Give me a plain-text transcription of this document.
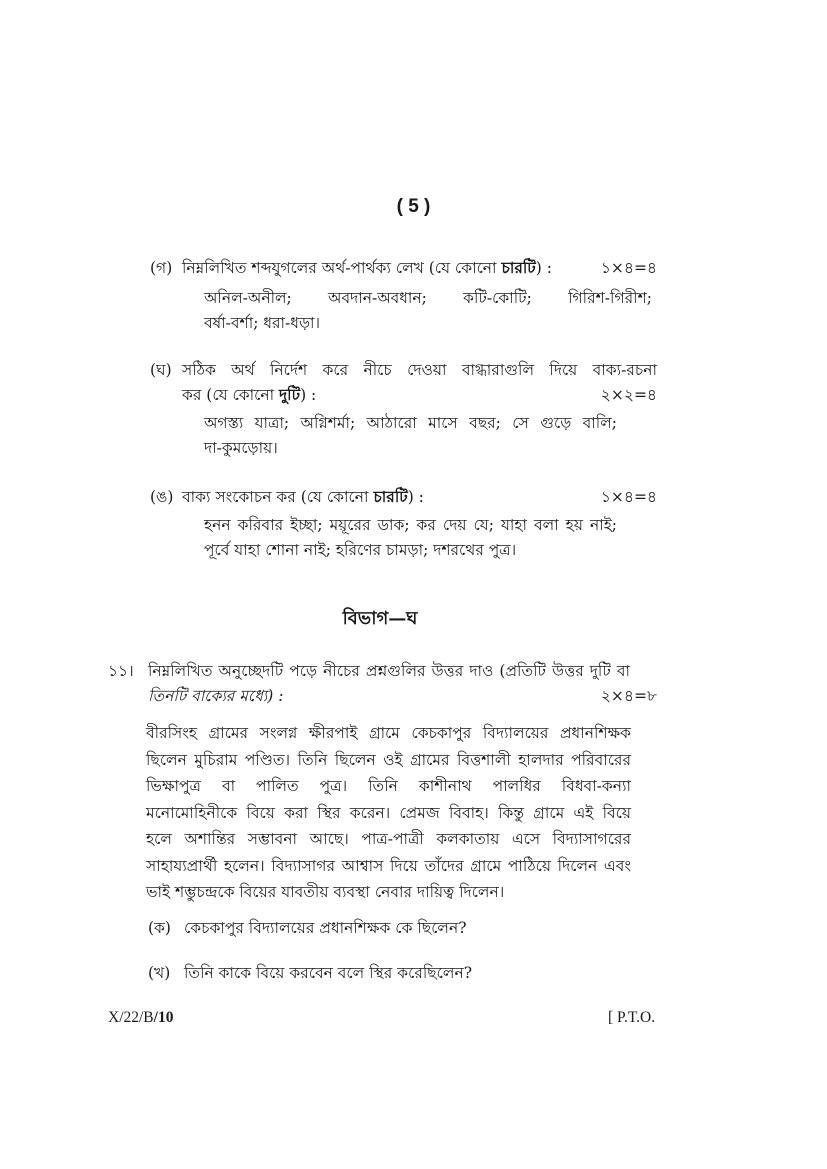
( 5 )
(গ) নিম্নলিখিত শব্দযুগলের অর্থ-পার্থক্য লেখ (যে কোনো চারটি) :	১×৪=৪
অনিল-অনীল; অবদান-অবধান; কটি-কোটি; গিরিশ-গিরীশ;
বর্ষা-বর্শা; ধরা-ধড়া।
(ঘ) সঠিক অর্থ নির্দেশ করে নীচে দেওয়া বাগ্ধারাগুলি দিয়ে বাক্য-রচনা
কর (যে কোনো দুটি) :	২×২=৪
অগস্ত্য যাত্রা; অগ্নিশর্মা; আঠারো মাসে বছর; সে গুড়ে বালি;
দা-কুমড়োয়।
(ঙ) বাক্য সংকোচন কর (যে কোনো চারটি) :	১×৪=৪
হনন করিবার ইচ্ছা; ময়ূরের ডাক; কর দেয় যে; যাহা বলা হয় নাই;
পূর্বে যাহা শোনা নাই; হরিণের চামড়া; দশরথের পুত্র।
বিভাগ—ঘ
১১। নিম্নলিখিত অনুচ্ছেদটি পড়ে নীচের প্রশ্নগুলির উত্তর দাও (প্রতিটি উত্তর দুটি বা
তিনটি বাক্যের মধ্যে) :	২×৪=৮
বীরসিংহ গ্রামের সংলগ্ন ক্ষীরপাই গ্রামে কেচকাপুর বিদ্যালয়ের প্রধানশিক্ষক
ছিলেন মুচিরাম পণ্ডিত। তিনি ছিলেন ওই গ্রামের বিত্তশালী হালদার পরিবারের
ভিক্ষাপুত্র বা পালিত পুত্র। তিনি কাশীনাথ পালধির বিধবা-কন্যা
মনোমোহিনীকে বিয়ে করা স্থির করেন। প্রেমজ বিবাহ। কিন্তু গ্রামে এই বিয়ে
হলে অশান্তির সম্ভাবনা আছে। পাত্র-পাত্রী কলকাতায় এসে বিদ্যাসাগরের
সাহায্যপ্রার্থী হলেন। বিদ্যাসাগর আশ্বাস দিয়ে তাঁদের গ্রামে পাঠিয়ে দিলেন এবং
ভাই শম্ভুচন্দ্রকে বিয়ের যাবতীয় ব্যবস্থা নেবার দায়িত্ব দিলেন।
(ক) কেচকাপুর বিদ্যালয়ের প্রধানশিক্ষক কে ছিলেন?
(খ) তিনি কাকে বিয়ে করবেন বলে স্থির করেছিলেন?
X/22/B/10	[ P.T.O.
